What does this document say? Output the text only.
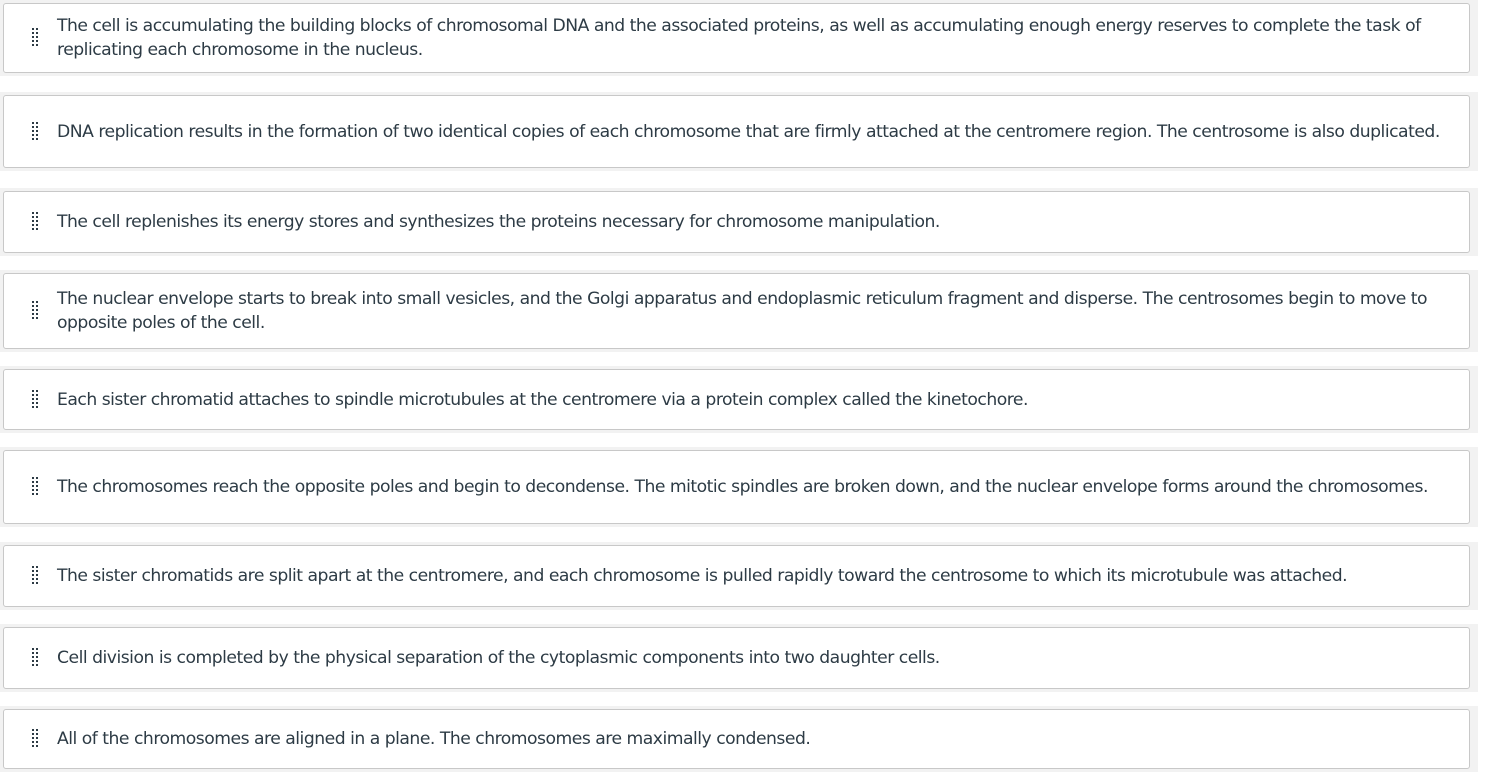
The cell is accumulating the building blocks of chromosomal DNA and the associated proteins, as well as accumulating enough energy reserves to complete the task of replicating each chromosome in the nucleus.
DNA replication results in the formation of two identical copies of each chromosome that are firmly attached at the centromere region. The centrosome is also duplicated.
The cell replenishes its energy stores and synthesizes the proteins necessary for chromosome manipulation.
The nuclear envelope starts to break into small vesicles, and the Golgi apparatus and endoplasmic reticulum fragment and disperse. The centrosomes begin to move to opposite poles of the cell.
Each sister chromatid attaches to spindle microtubules at the centromere via a protein complex called the kinetochore.
The chromosomes reach the opposite poles and begin to decondense. The mitotic spindles are broken down, and the nuclear envelope forms around the chromosomes.
The sister chromatids are split apart at the centromere, and each chromosome is pulled rapidly toward the centrosome to which its microtubule was attached.
Cell division is completed by the physical separation of the cytoplasmic components into two daughter cells.
All of the chromosomes are aligned in a plane. The chromosomes are maximally condensed.
